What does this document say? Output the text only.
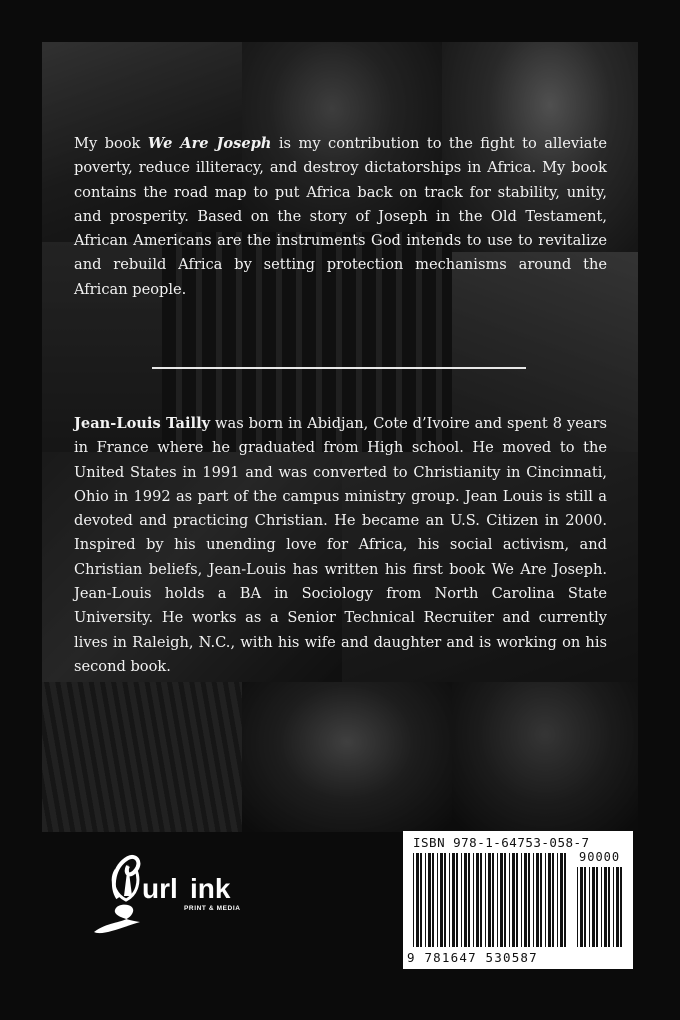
My book We Are Joseph is my contribution to the fight to alleviate poverty, reduce illiteracy, and destroy dictatorships in Africa. My book contains the road map to put Africa back on track for stability, unity, and prosperity. Based on the story of Joseph in the Old Testament, African Americans are the instruments God intends to use to revitalize and rebuild Africa by setting protection mechanisms around the African people.

Jean-Louis Tailly was born in Abidjan, Cote d’Ivoire and spent 8 years in France where he graduated from High school. He moved to the United States in 1991 and was converted to Christianity in Cincinnati, Ohio in 1992 as part of the campus ministry group. Jean Louis is still a devoted and practicing Christian. He became an U.S. Citizen in 2000. Inspired by his unending love for Africa, his social activism, and Christian beliefs, Jean-Louis has written his first book We Are Joseph. Jean-Louis holds a BA in Sociology from North Carolina State University. He works as a Senior Technical Recruiter and currently lives in Raleigh, N.C., with his wife and daughter and is working on his second book.

url ink
PRINT & MEDIA
ISBN 978-1-64753-058-7
90000
9 781647 530587
